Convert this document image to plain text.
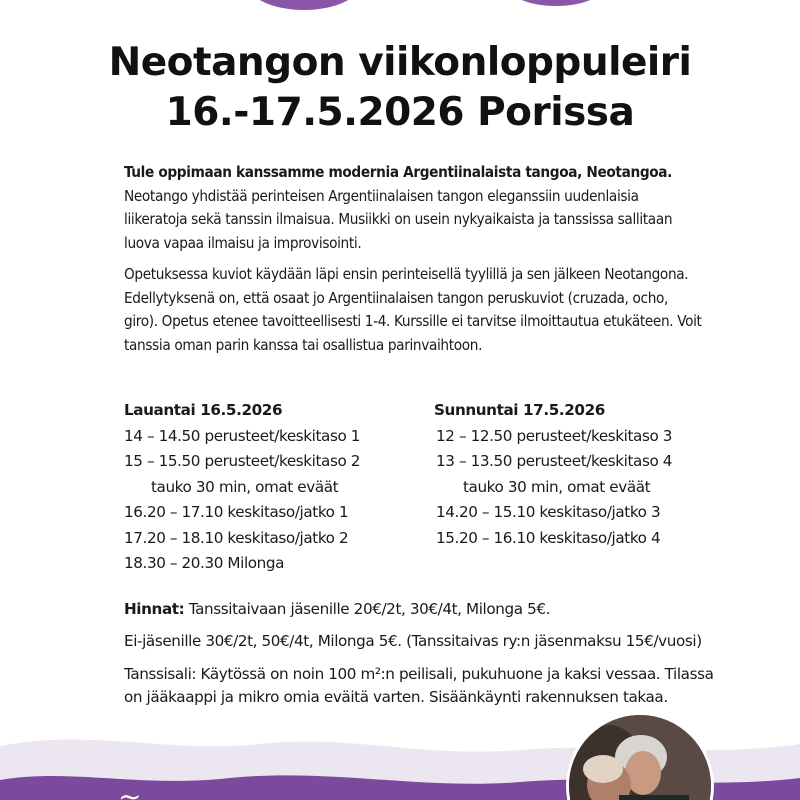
Neotangon viikonloppuleiri
16.-17.5.2026 Porissa

Tule oppimaan kanssamme modernia Argentiinalaista tangoa, Neotangoa. Neotango yhdistää perinteisen Argentiinalaisen tangon eleganssiin uudenlaisia liikeratoja sekä tanssin ilmaisua. Musiikki on usein nykyaikaista ja tanssissa sallitaan luova vapaa ilmaisu ja improvisointi.

Opetuksessa kuviot käydään läpi ensin perinteisellä tyylillä ja sen jälkeen Neotangona. Edellytyksenä on, että osaat jo Argentiinalaisen tangon peruskuviot (cruzada, ocho, giro). Opetus etenee tavoitteellisesti 1-4. Kurssille ei tarvitse ilmoittautua etukäteen. Voit tanssia oman parin kanssa tai osallistua parinvaihtoon.

Lauantai 16.5.2026
14 – 14.50 perusteet/keskitaso 1
15 – 15.50 perusteet/keskitaso 2
tauko 30 min, omat eväät
16.20 – 17.10 keskitaso/jatko 1
17.20 – 18.10 keskitaso/jatko 2
18.30 – 20.30 Milonga
Sunnuntai 17.5.2026
12 – 12.50 perusteet/keskitaso 3
13 – 13.50 perusteet/keskitaso 4
tauko 30 min, omat eväät
14.20 – 15.10 keskitaso/jatko 3
15.20 – 16.10 keskitaso/jatko 4

Hinnat: Tanssitaivaan jäsenille 20€/2t, 30€/4t, Milonga 5€.

Ei-jäsenille 30€/2t, 50€/4t, Milonga 5€. (Tanssitaivas ry:n jäsenmaksu 15€/vuosi)

Tanssisali: Käytössä on noin 100 m²:n peilisali, pukuhuone ja kaksi vessaa. Tilassa on jääkaappi ja mikro omia eväitä varten. Sisäänkäynti rakennuksen takaa.

~
